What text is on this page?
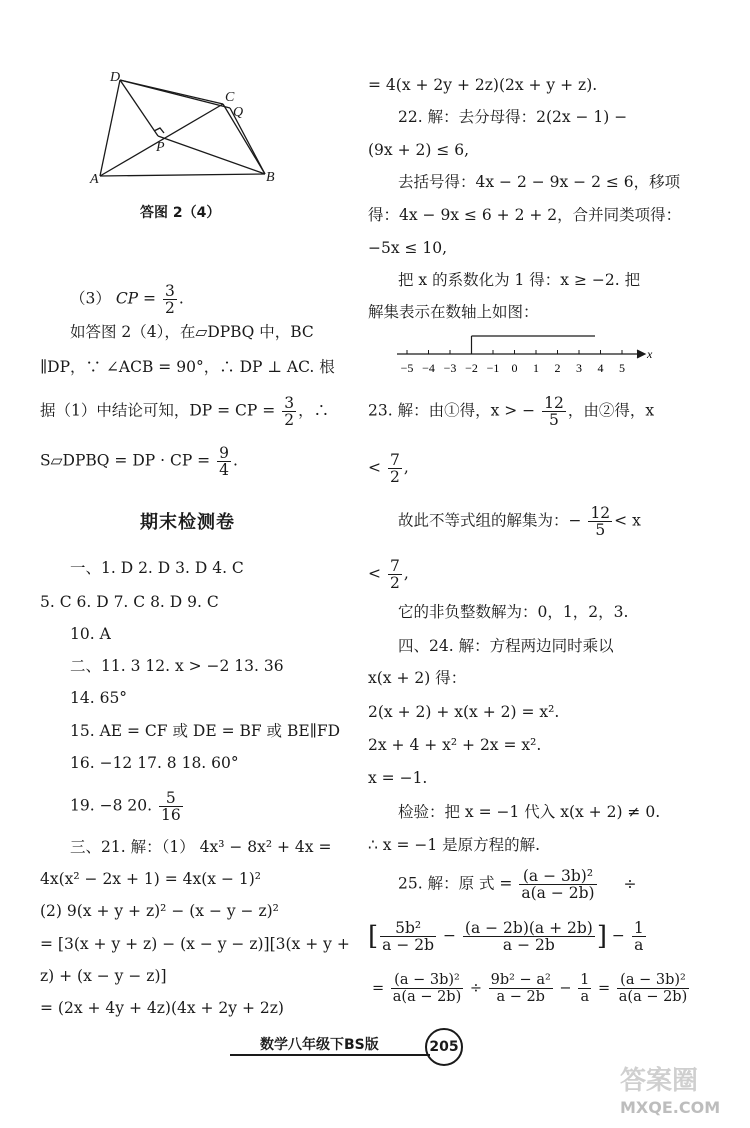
D
C
Q
P
A	B
答图 2（4）
（3） CP = $\frac{3}{2}$ .
如答图 2（4），在▱DPBQ 中，BC
∥DP，∵ ∠ACB = 90°，∴ DP ⊥ AC. 根
据（1）中结论可知，DP = CP = $\frac{3}{2}$ ，∴
S▱DPBQ = DP · CP = $\frac{9}{4}$ .
期末检测卷
一、1. D 2. D 3. D 4. C
5. C 6. D 7. C 8. D 9. C
10. A
二、11. 3 12. x > −2 13. 36
14. 65°
15. AE = CF 或 DE = BF 或 BE∥FD
16. −12 17. 8 18. 60°
19. −8 20. $\frac{5}{16}$
三、21. 解：（1） 4x³ − 8x² + 4x =
4x(x² − 2x + 1) = 4x(x − 1)²
(2) 9(x + y + z)² − (x − y − z)²
= [3(x + y + z) − (x − y − z)][3(x + y +
z) + (x − y − z)]
= (2x + 4y + 4z)(4x + 2y + 2z)
= 4(x + 2y + 2z)(2x + y + z).
22. 解：去分母得：2(2x − 1) −
(9x + 2) ≤ 6,
去括号得：4x − 2 − 9x − 2 ≤ 6，移项
得：4x − 9x ≤ 6 + 2 + 2，合并同类项得：
−5x ≤ 10,
把 x 的系数化为 1 得：x ≥ −2. 把
解集表示在数轴上如图：
−5 −4 −3 −2 −1 0 1 2 3 4 5
x
23. 解：由①得，x > − $\frac{12}{5}$ ，由②得，x
< $\frac{7}{2}$ ,
故此不等式组的解集为：− $\frac{12}{5} < x$
< $\frac{7}{2}$ ,
它的非负整数解为：0，1，2，3.
四、24. 解：方程两边同时乘以
x(x + 2) 得：
2(x + 2) + x(x + 2) = x².
2x + 4 + x² + 2x = x².
x = −1.
检验：把 x = −1 代入 x(x + 2) ≠ 0.
∴ x = −1 是原方程的解.
25. 解：原 式 = $\frac{\text{(a − 3b)²}}{a(a - 2b)}$ ÷
[ $\frac{\text{5b²}}{a - 2b} - \frac{(a - 2b)(a + 2b)}{a - 2b}$ ] − $\frac{1}{a}$
= $\frac{\text{(a − 3b)²}}{a(a - 2b)} \div \frac{\text{9b² − a²}}{a - 2b} - \frac{1}{a} = \frac{\text{(a − 3b)²}}{a(a - 2b)}$
数学八年级下BS版	205
答案圈
MXQE.COM
